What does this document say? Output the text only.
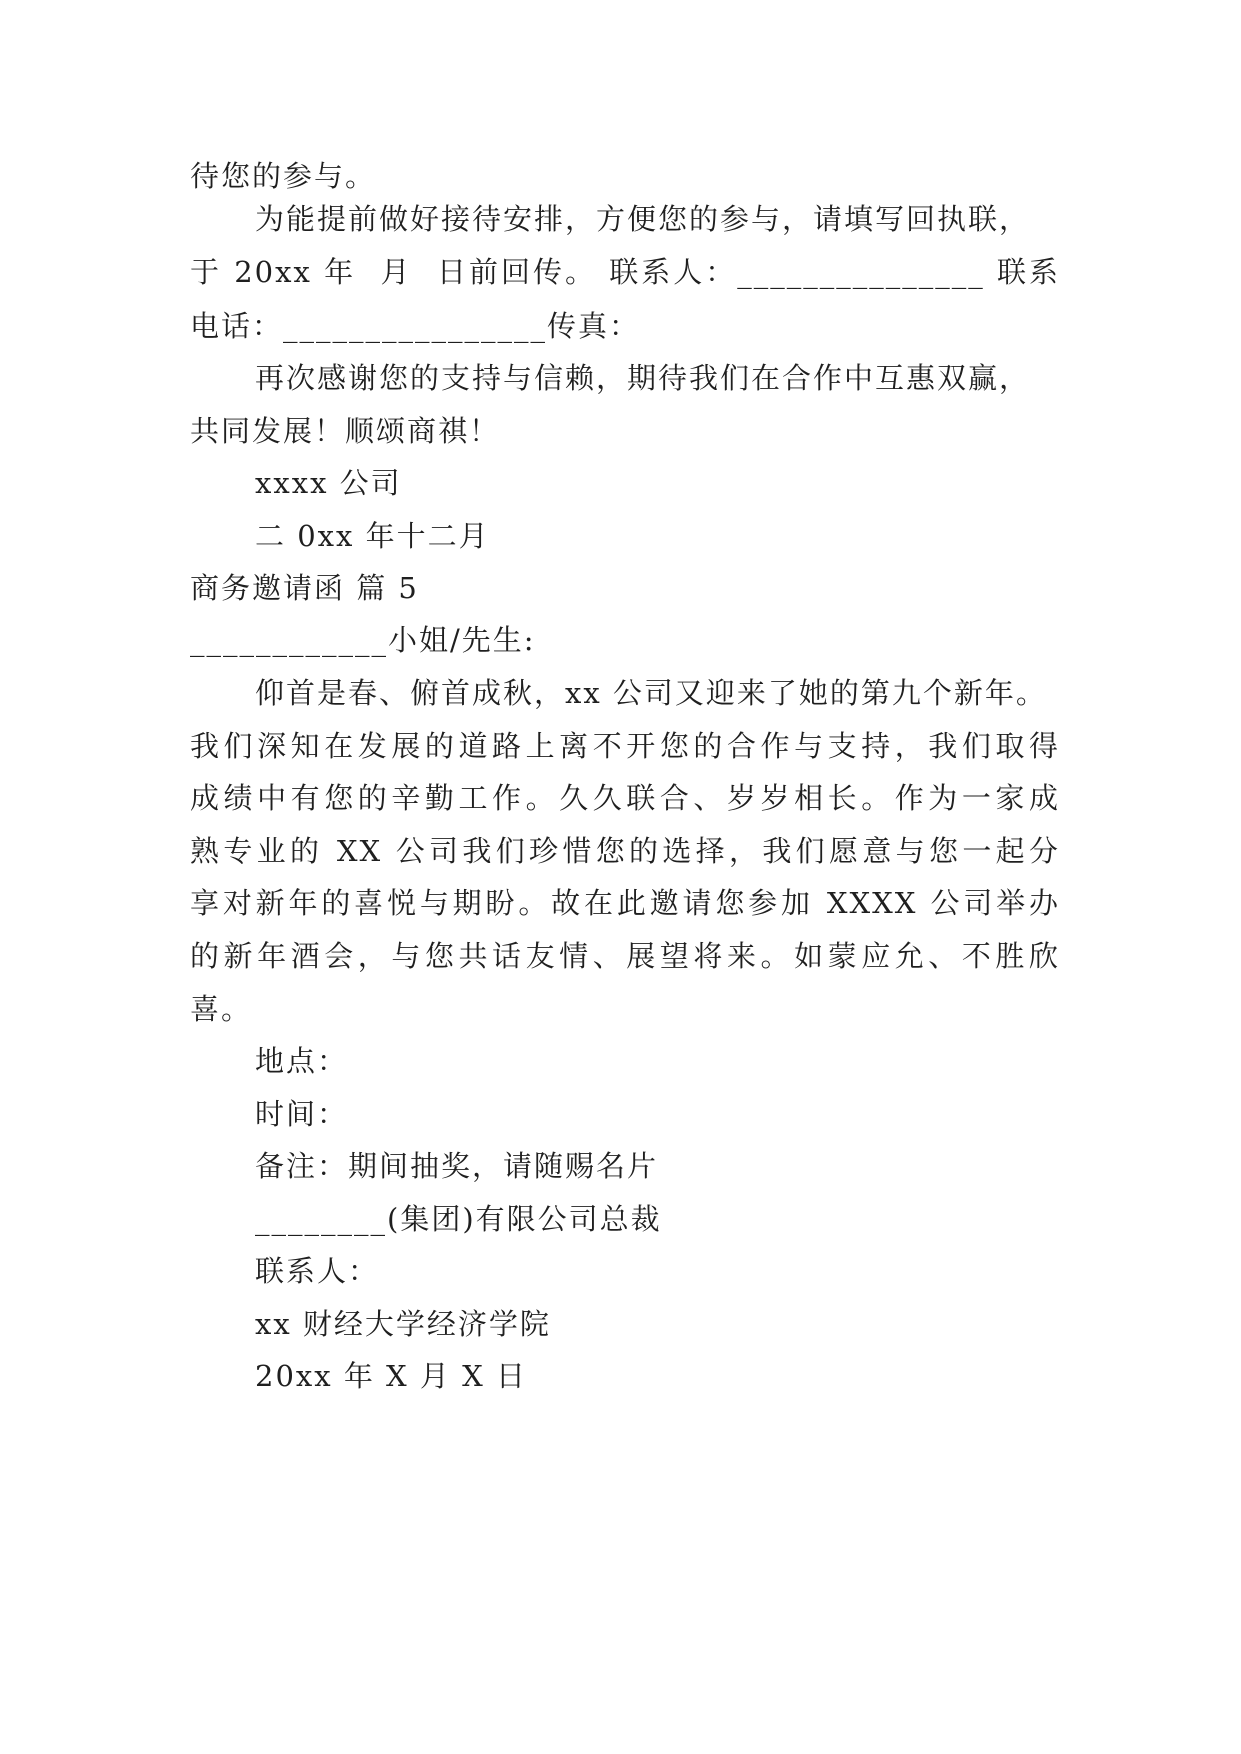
待您的参与。
为能提前做好接待安排，方便您的参与，请填写回执联，
于 20xx 年  月  日前回传。 联系人：_______________ 联系
电话：________________传真：
再次感谢您的支持与信赖，期待我们在合作中互惠双赢，
共同发展！顺颂商祺！
xxxx 公司
二 0xx 年十二月
商务邀请函 篇 5
____________小姐/先生:
仰首是春、俯首成秋，xx 公司又迎来了她的第九个新年。
我们深知在发展的道路上离不开您的合作与支持，我们取得
成绩中有您的辛勤工作。久久联合、岁岁相长。作为一家成
熟专业的 XX 公司我们珍惜您的选择，我们愿意与您一起分
享对新年的喜悦与期盼。故在此邀请您参加 XXXX 公司举办
的新年酒会，与您共话友情、展望将来。如蒙应允、不胜欣
喜。
地点：
时间：
备注：期间抽奖，请随赐名片
________(集团)有限公司总裁
联系人：
xx 财经大学经济学院
20xx 年 X 月 X 日
